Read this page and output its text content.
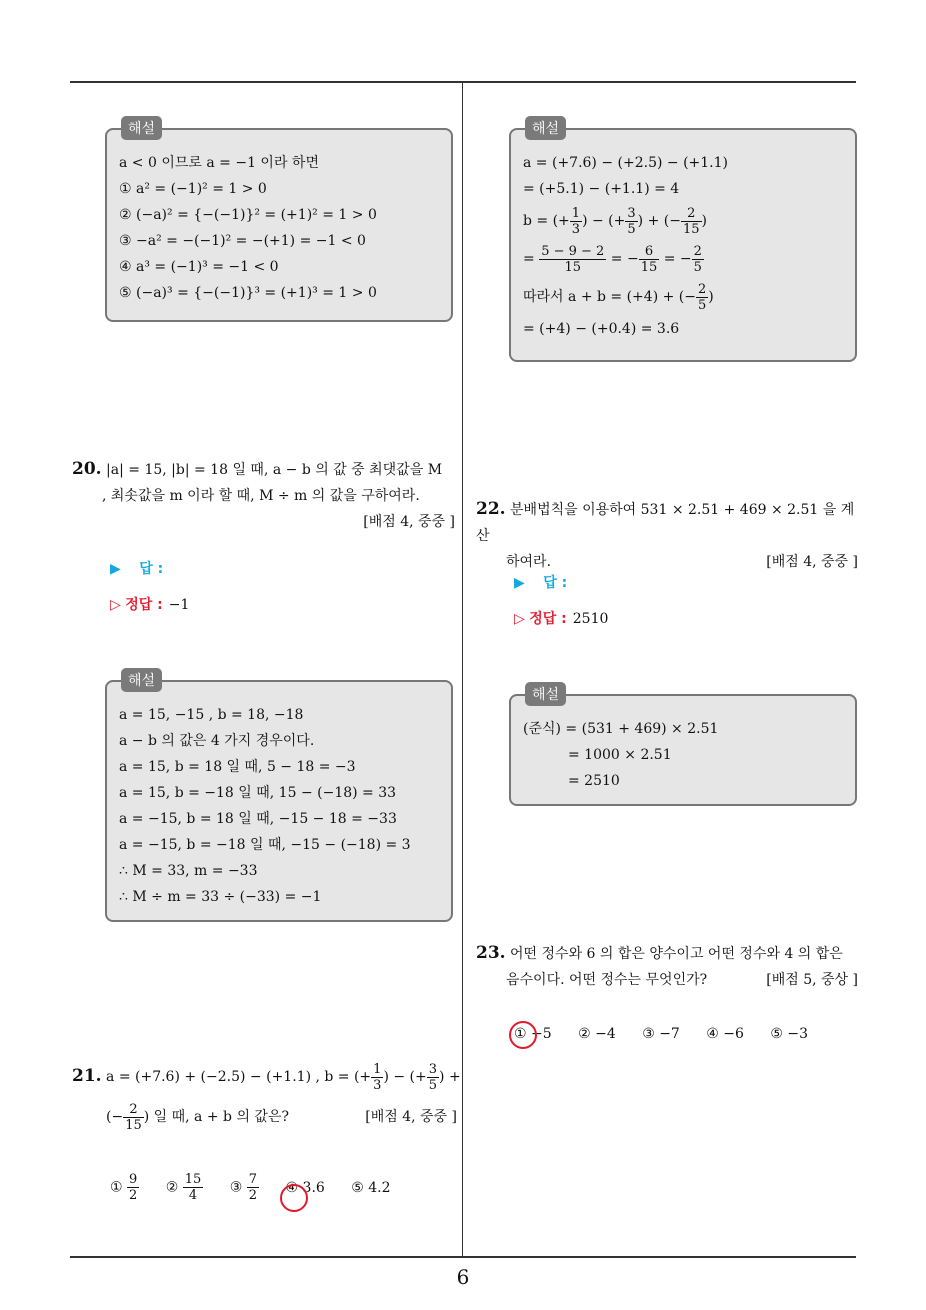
6
해설
a < 0 이므로 a = −1 이라 하면
① a² = (−1)² = 1 > 0
② (−a)² = {−(−1)}² = (+1)² = 1 > 0
③ −a² = −(−1)² = −(+1) = −1 < 0
④ a³ = (−1)³ = −1 < 0
⑤ (−a)³ = {−(−1)}³ = (+1)³ = 1 > 0
해설
a = (+7.6) − (+2.5) − (+1.1)
= (+5.1) − (+1.1) = 4
b = (+ $\frac{1}{3}$ ) − (+ $\frac{3}{5}$ ) + (− $\frac{2}{15}$ )
= $\frac{5 - 9 - 2}{15}$ = − $\frac{6}{15}$ = − $\frac{2}{5}$
따라서 a + b = (+4) + (− $\frac{2}{5}$ )
= (+4) − (+0.4) = 3.6
20. |a| = 15, |b| = 18 일 때, a − b 의 값 중 최댓값을 M
, 최솟값을 m 이라 할 때, M ÷ m 의 값을 구하여라.
[배점 4, 중중 ]
▶ 답 :
▷ 정답 : −1
해설
a = 15, −15 , b = 18, −18
a − b 의 값은 4 가지 경우이다.
a = 15, b = 18 일 때, 5 − 18 = −3
a = 15, b = −18 일 때, 15 − (−18) = 33
a = −15, b = 18 일 때, −15 − 18 = −33
a = −15, b = −18 일 때, −15 − (−18) = 3
∴ M = 33, m = −33
∴ M ÷ m = 33 ÷ (−33) = −1
21. a = (+7.6) + (−2.5) − (+1.1) , b = (+ $\frac{1}{3}$ ) − (+ $\frac{3}{5}$ ) +
(− $\frac{2}{15}$ ) 일 때, a + b 의 값은?	[배점 4, 중중 ]
① $\frac{9}{2}$ ② $\frac{15}{4}$ ③ $\frac{7}{2}$
④ 3.6 ⑤ 4.2
22. 분배법칙을 이용하여 531 × 2.51 + 469 × 2.51 을 계산
하여라.	[배점 4, 중중 ]
▶ 답 :
▷ 정답 : 2510
해설
(준식) = (531 + 469) × 2.51
= 1000 × 2.51
= 2510
23. 어떤 정수와 6 의 합은 양수이고 어떤 정수와 4 의 합은
음수이다. 어떤 정수는 무엇인가?	[배점 5, 중상 ]
① −5 ② −4 ③ −7 ④ −6 ⑤ −3
